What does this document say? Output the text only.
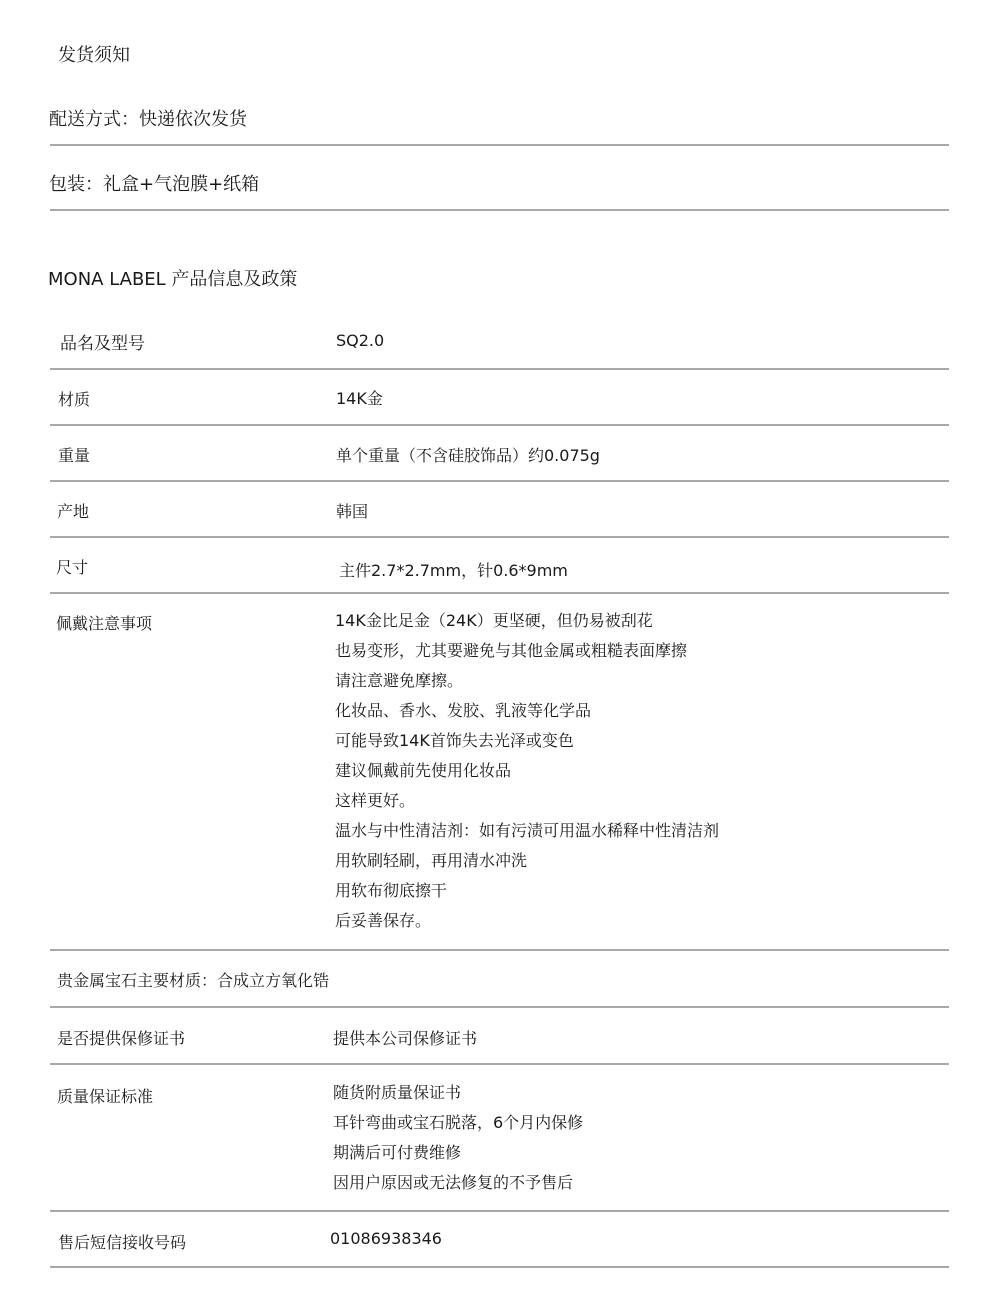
发货须知
配送方式：快递依次发货
包装：礼盒+气泡膜+纸箱
MONA LABEL 产品信息及政策
品名及型号	SQ2.0
材质	14K金
重量	单个重量（不含硅胶饰品）约0.075g
产地	韩国
尺寸	主件2.7*2.7mm，针0.6*9mm
佩戴注意事项	14K金比足金（24K）更坚硬，但仍易被刮花
也易变形，尤其要避免与其他金属或粗糙表面摩擦
请注意避免摩擦。
化妆品、香水、发胶、乳液等化学品
可能导致14K首饰失去光泽或变色
建议佩戴前先使用化妆品
这样更好。
温水与中性清洁剂：如有污渍可用温水稀释中性清洁剂
用软刷轻刷，再用清水冲洗
用软布彻底擦干
后妥善保存。
贵金属宝石主要材质：合成立方氧化锆
是否提供保修证书	提供本公司保修证书
质量保证标准	随货附质量保证书
耳针弯曲或宝石脱落，6个月内保修
期满后可付费维修
因用户原因或无法修复的不予售后
售后短信接收号码	01086938346
